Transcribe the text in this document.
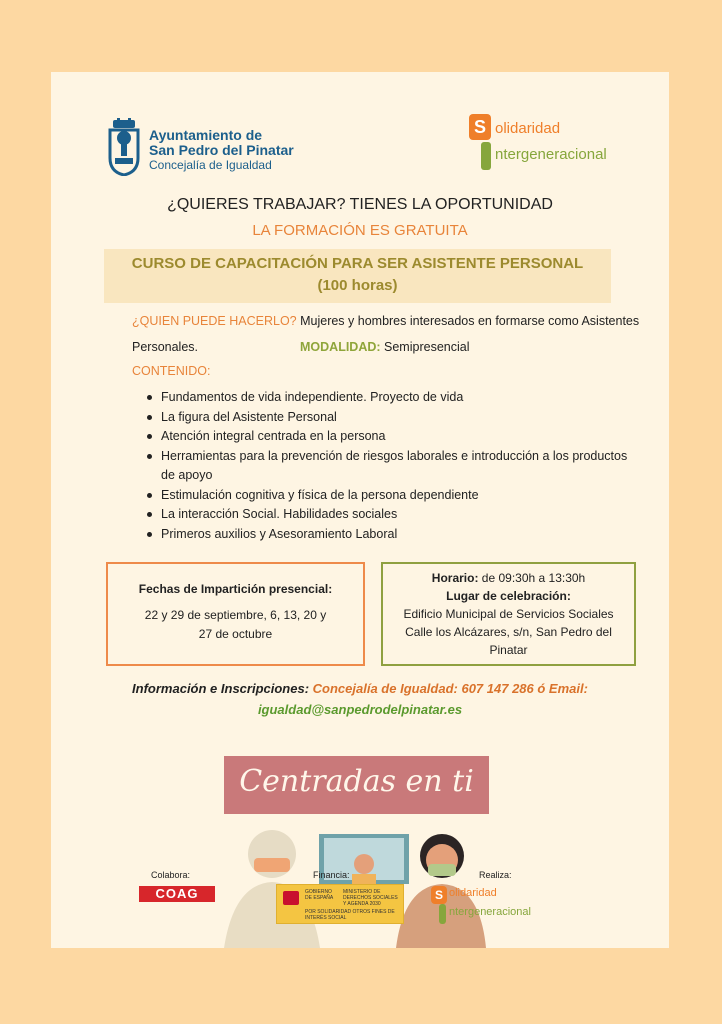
Ayuntamiento de
San Pedro del Pinatar
Concejalía de Igualdad
S olidaridad
ntergeneracional
¿QUIERES TRABAJAR? TIENES LA OPORTUNIDAD
LA FORMACIÓN ES GRATUITA
CURSO DE CAPACITACIÓN PARA SER ASISTENTE PERSONAL
(100 horas)
¿QUIEN PUEDE HACERLO? Mujeres y hombres interesados en formarse como Asistentes
Personales.	MODALIDAD: Semipresencial
CONTENIDO:
Fundamentos de vida independiente. Proyecto de vida
La figura del Asistente Personal
Atención integral centrada en la persona
Herramientas para la prevención de riesgos laborales e introducción a los productos de apoyo
Estimulación cognitiva y física de la persona dependiente
La interacción Social. Habilidades sociales
Primeros auxilios y Asesoramiento Laboral
Fechas de Impartición presencial:
22 y 29 de septiembre, 6, 13, 20 y
27 de octubre
Horario: de 09:30h a 13:30h
Lugar de celebración:
Edificio Municipal de Servicios Sociales
Calle los Alcázares, s/n, San Pedro del
Pinatar
Información e Inscripciones: Concejalía de Igualdad: 607 147 286 ó Email:
igualdad@sanpedrodelpinatar.es
Centradas en ti
Colabora:
COAG
Financia:
GOBIERNO DE ESPAÑA
MINISTERIO DE DERECHOS SOCIALES Y AGENDA 2030
POR SOLIDARIDAD OTROS FINES DE INTERÉS SOCIAL
Realiza:
S olidaridad
ntergeneracional
